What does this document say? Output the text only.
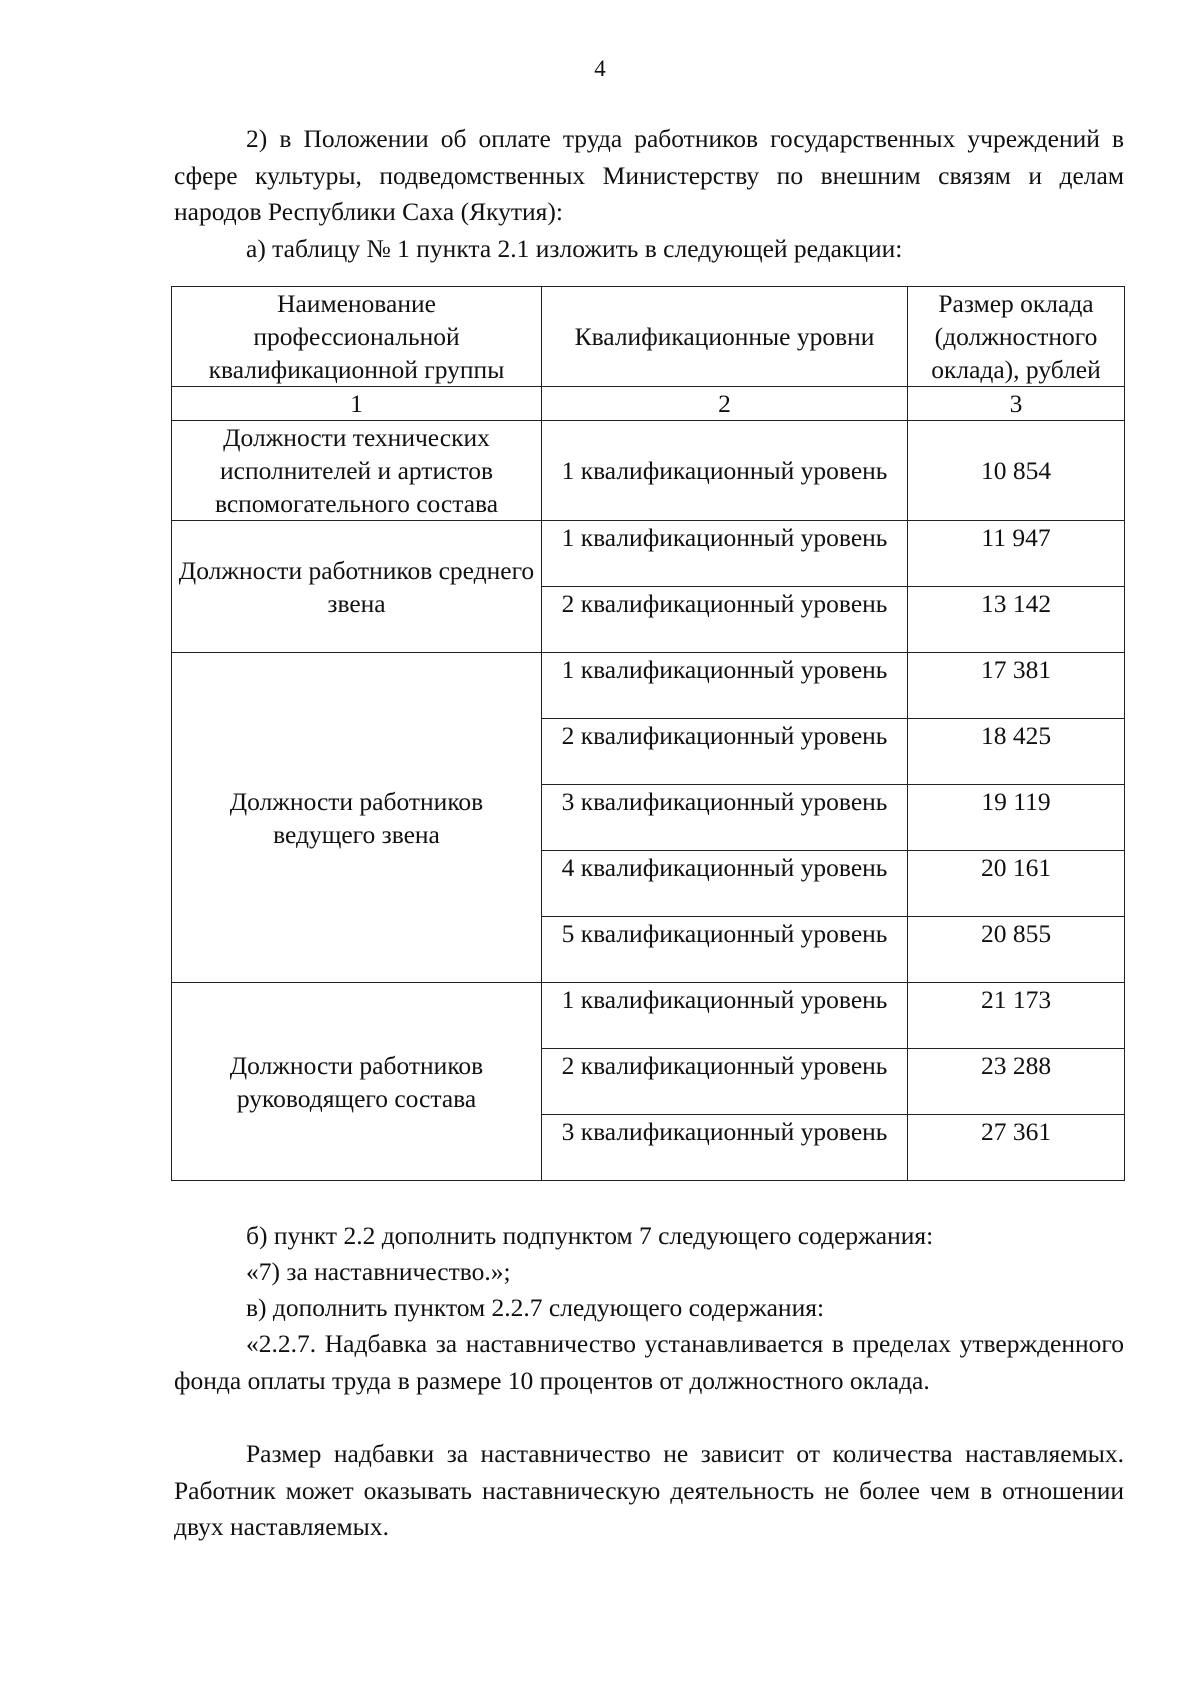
4

2) в Положении об оплате труда работников государственных учреждений в сфере культуры, подведомственных Министерству по внешним связям и делам народов Республики Саха (Якутия):

а) таблицу № 1 пункта 2.1 изложить в следующей редакции:

Наименование профессиональной квалификационной группы	Квалификационные уровни	Размер оклада (должностного оклада), рублей
1	2	3
Должности технических исполнителей и артистов вспомогательного состава	1 квалификационный уровень	10 854
Должности работников среднего звена	1 квалификационный уровень	11 947
	2 квалификационный уровень	13 142
Должности работников ведущего звена	1 квалификационный уровень	17 381
	2 квалификационный уровень	18 425
	3 квалификационный уровень	19 119
	4 квалификационный уровень	20 161
	5 квалификационный уровень	20 855
Должности работников руководящего состава	1 квалификационный уровень	21 173
	2 квалификационный уровень	23 288
	3 квалификационный уровень	27 361

б) пункт 2.2 дополнить подпунктом 7 следующего содержания:

«7) за наставничество.»;

в) дополнить пунктом 2.2.7 следующего содержания:

«2.2.7. Надбавка за наставничество устанавливается в пределах утвержденного фонда оплаты труда в размере 10 процентов от должностного оклада.

Размер надбавки за наставничество не зависит от количества наставляемых. Работник может оказывать наставническую деятельность не более чем в отношении двух наставляемых.
